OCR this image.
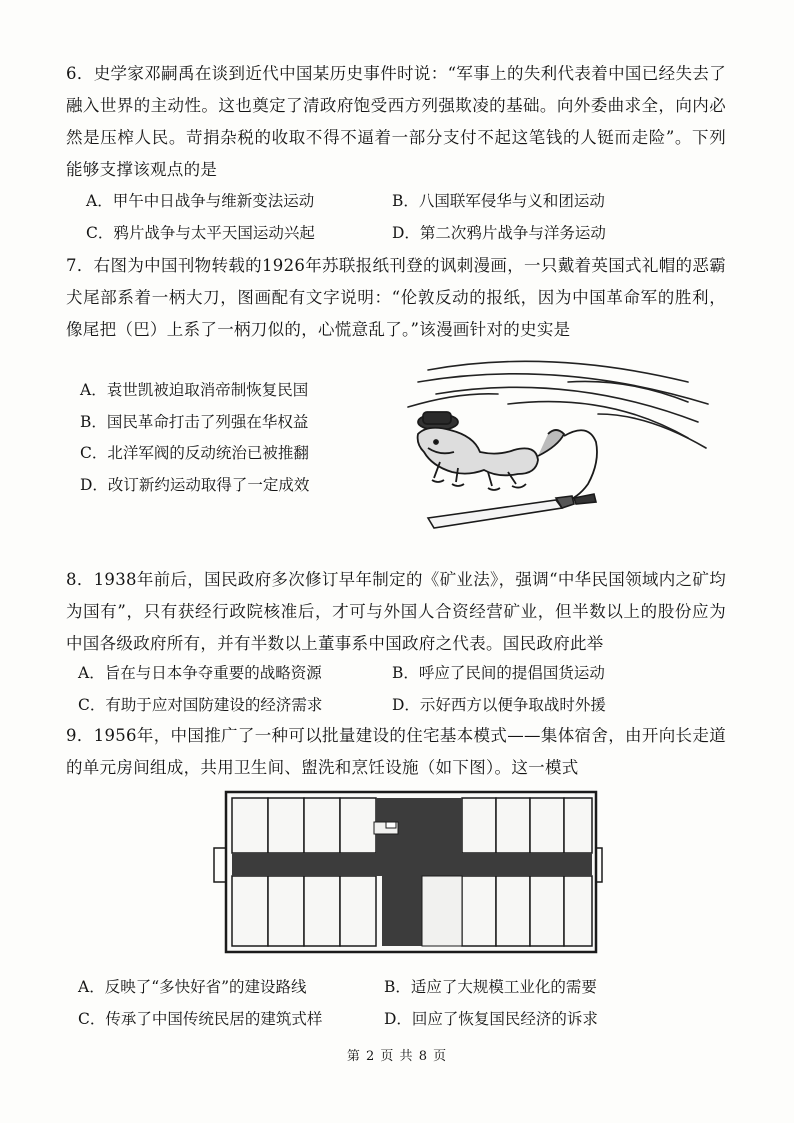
6．史学家邓嗣禹在谈到近代中国某历史事件时说：“军事上的失利代表着中国已经失去了融入世界的主动性。这也奠定了清政府饱受西方列强欺凌的基础。向外委曲求全，向内必然是压榨人民。苛捐杂税的收取不得不逼着一部分支付不起这笔钱的人铤而走险”。下列能够支撑该观点的是
A．甲午中日战争与维新变法运动	B．八国联军侵华与义和团运动
C．鸦片战争与太平天国运动兴起	D．第二次鸦片战争与洋务运动
7．右图为中国刊物转载的1926年苏联报纸刊登的讽刺漫画，一只戴着英国式礼帽的恶霸犬尾部系着一柄大刀，图画配有文字说明：“伦敦反动的报纸，因为中国革命军的胜利，像尾把（巴）上系了一柄刀似的，心慌意乱了。”该漫画针对的史实是
A．袁世凯被迫取消帝制恢复民国
B．国民革命打击了列强在华权益
C．北洋军阀的反动统治已被推翻
D．改订新约运动取得了一定成效
8．1938年前后，国民政府多次修订早年制定的《矿业法》，强调“中华民国领域内之矿均为国有”，只有获经行政院核准后，才可与外国人合资经营矿业，但半数以上的股份应为中国各级政府所有，并有半数以上董事系中国政府之代表。国民政府此举
A．旨在与日本争夺重要的战略资源	B．呼应了民间的提倡国货运动
C．有助于应对国防建设的经济需求	D．示好西方以便争取战时外援
9．1956年，中国推广了一种可以批量建设的住宅基本模式——集体宿舍，由开向长走道的单元房间组成，共用卫生间、盥洗和烹饪设施（如下图）。这一模式
A．反映了“多快好省”的建设路线	B．适应了大规模工业化的需要
C．传承了中国传统民居的建筑式样	D．回应了恢复国民经济的诉求
第 2 页 共 8 页
